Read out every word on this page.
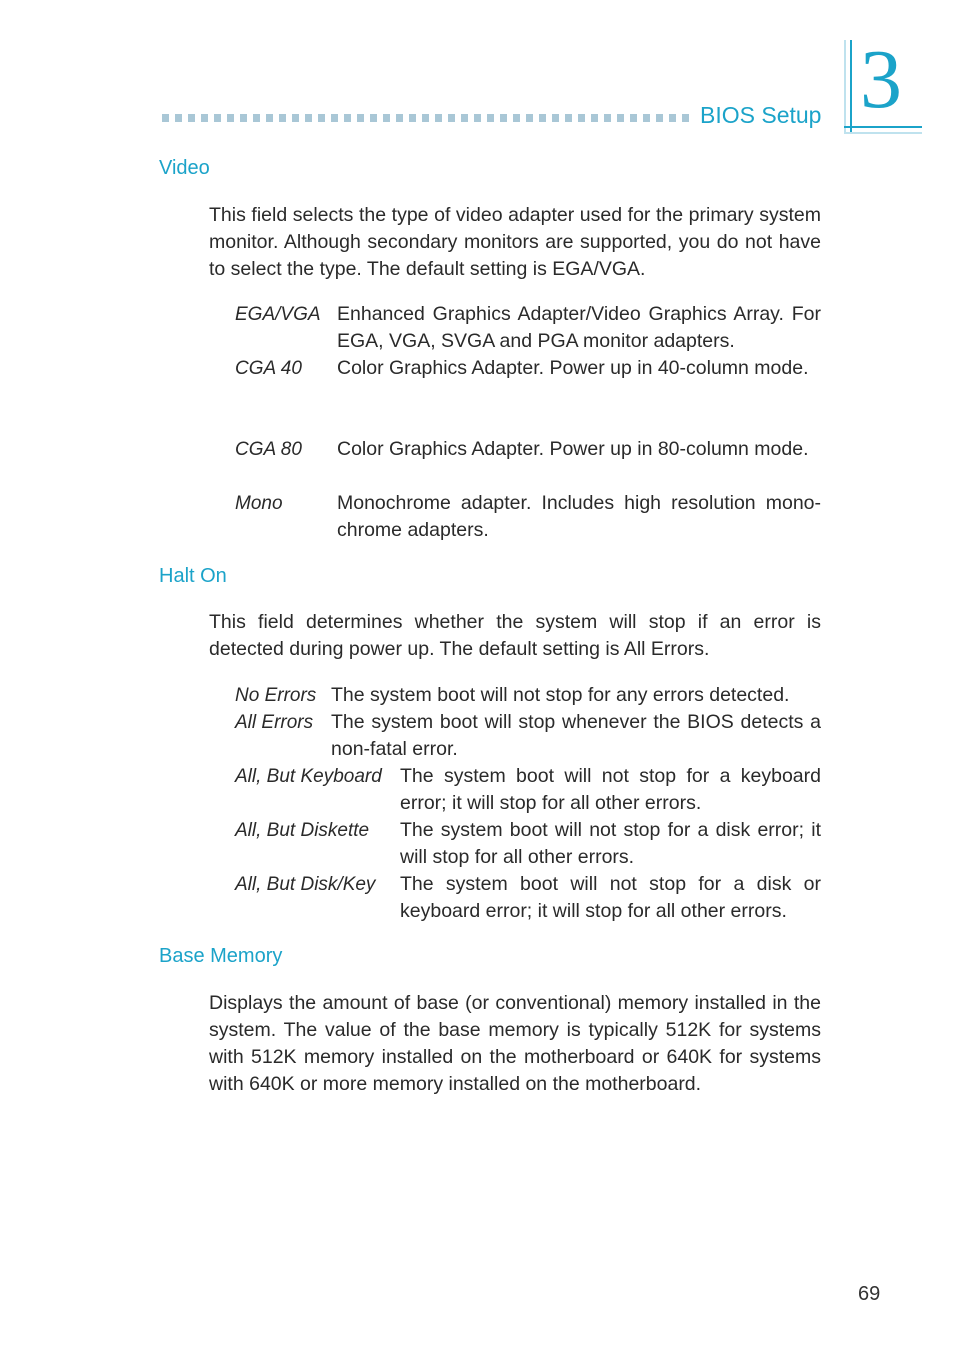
BIOS Setup 3
Video
This field selects the type of video adapter used for the primary system monitor. Although secondary monitors are supported, you do not have to select the type. The default setting is EGA/VGA.
EGA/VGA Enhanced Graphics Adapter/Video Graphics Array. For EGA, VGA, SVGA and PGA monitor adapters.
CGA 40 Color Graphics Adapter. Power up in 40-column mode.
CGA 80 Color Graphics Adapter. Power up in 80-column mode.
Mono	Monochrome adapter. Includes high resolution mono-chrome adapters.
Halt On
This field determines whether the system will stop if an error is detected during power up. The default setting is All Errors.
No Errors The system boot will not stop for any errors detected.
All Errors The system boot will stop whenever the BIOS detects a non-fatal error.
All, But Keyboard The system boot will not stop for a keyboard error; it will stop for all other errors.
All, But Diskette The system boot will not stop for a disk error; it will stop for all other errors.
All, But Disk/Key The system boot will not stop for a disk or keyboard error; it will stop for all other errors.
Base Memory
Displays the amount of base (or conventional) memory installed in the system. The value of the base memory is typically 512K for systems with 512K memory installed on the motherboard or 640K for systems with 640K or more memory installed on the motherboard.
69
